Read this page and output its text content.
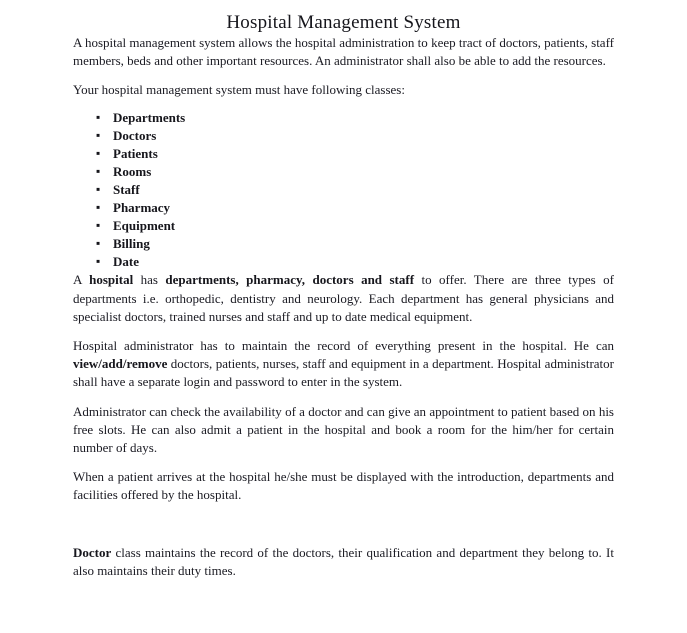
Hospital Management System

A hospital management system allows the hospital administration to keep tract of doctors, patients, staff members, beds and other important resources. An administrator shall also be able to add the resources.

Your hospital management system must have following classes:

▪ Departments
▪ Doctors
▪ Patients
▪ Rooms
▪ Staff
▪ Pharmacy
▪ Equipment
▪ Billing
▪ Date

A hospital has departments, pharmacy, doctors and staff to offer. There are three types of departments i.e. orthopedic, dentistry and neurology. Each department has general physicians and specialist doctors, trained nurses and staff and up to date medical equipment.

Hospital administrator has to maintain the record of everything present in the hospital. He can view/add/remove doctors, patients, nurses, staff and equipment in a department. Hospital administrator shall have a separate login and password to enter in the system.

Administrator can check the availability of a doctor and can give an appointment to patient based on his free slots. He can also admit a patient in the hospital and book a room for the him/her for certain number of days.

When a patient arrives at the hospital he/she must be displayed with the introduction, departments and facilities offered by the hospital.

Doctor class maintains the record of the doctors, their qualification and department they belong to. It also maintains their duty times.
